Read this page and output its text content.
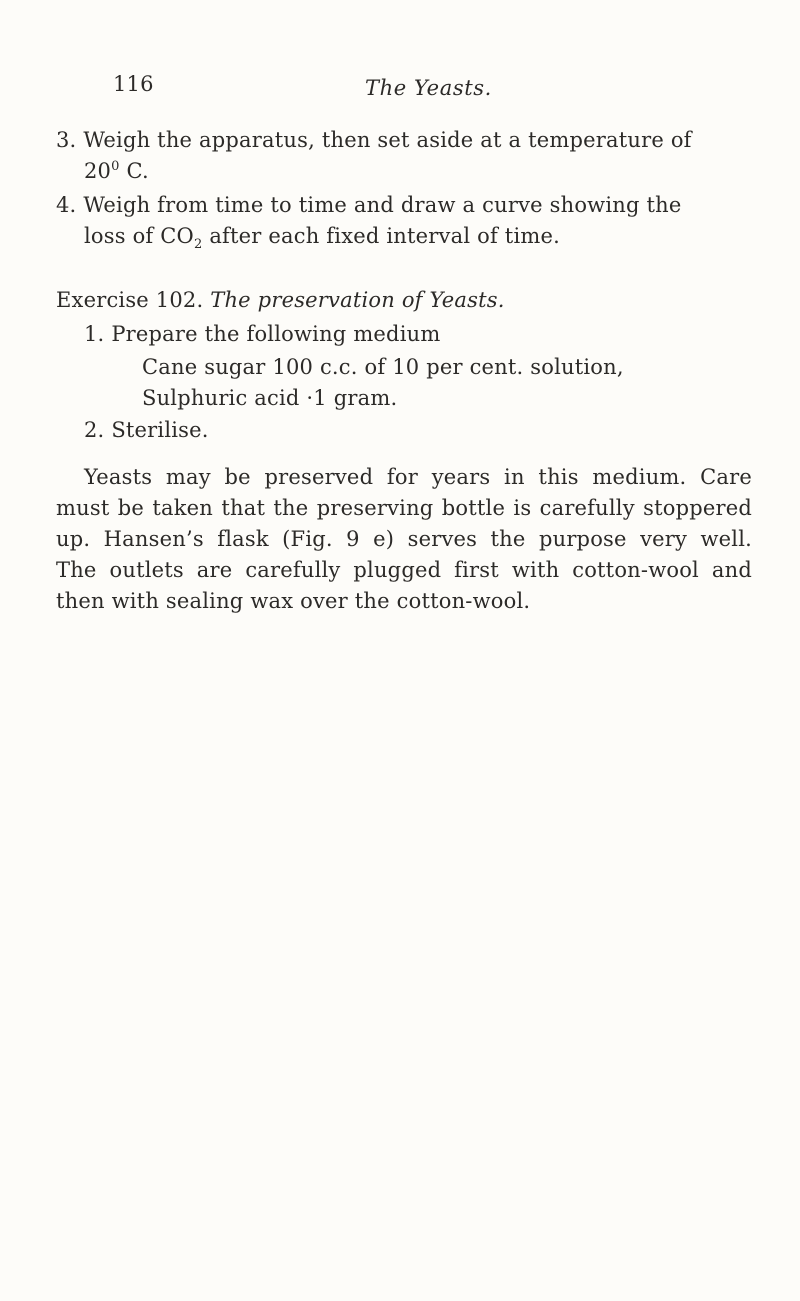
116	The Yeasts.
3. Weigh the apparatus, then set aside at a temperature of
$20^0$ C.
4. Weigh from time to time and draw a curve showing the
loss of $CO_2$ after each fixed interval of time.
Exercise 102. The preservation of Yeasts.
1. Prepare the following medium
Cane sugar 100 c.c. of 10 per cent. solution,
Sulphuric acid ·1 gram.
2. Sterilise.
Yeasts may be preserved for years in this medium. Care
must be taken that the preserving bottle is carefully stoppered
up. Hansen’s flask (Fig. 9 e) serves the purpose very well.
The outlets are carefully plugged first with cotton-wool and
then with sealing wax over the cotton-wool.
